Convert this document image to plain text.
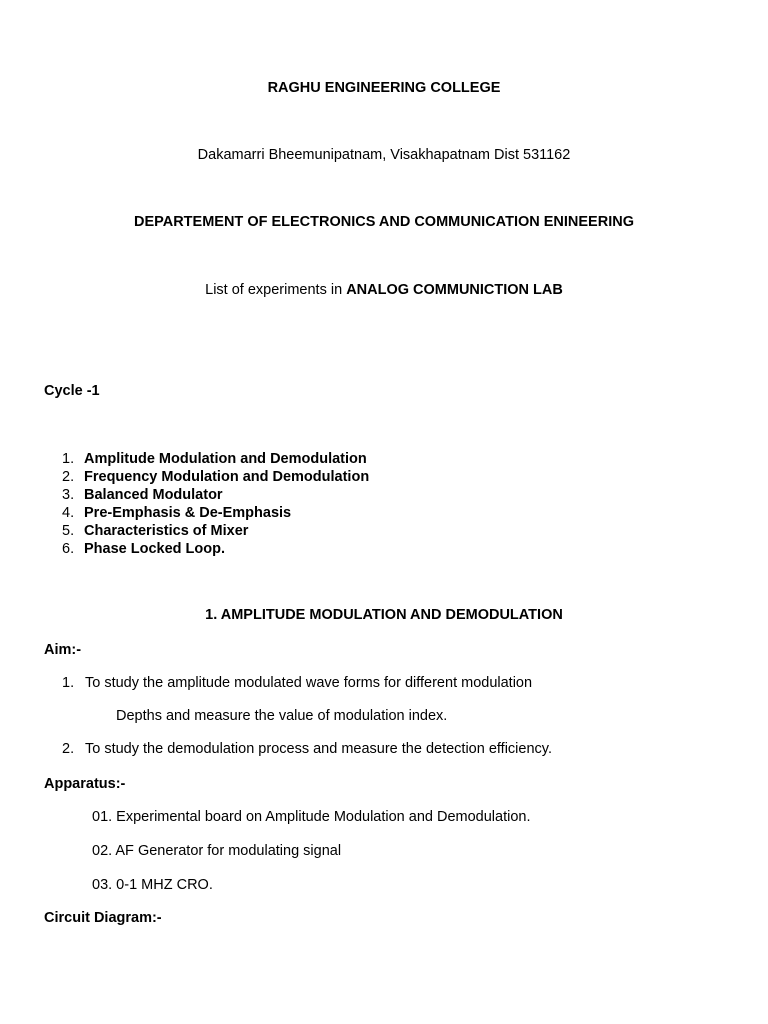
RAGHU ENGINEERING COLLEGE
Dakamarri Bheemunipatnam, Visakhapatnam Dist 531162
DEPARTEMENT OF ELECTRONICS AND COMMUNICATION ENINEERING
List of experiments in ANALOG COMMUNICTION LAB
Cycle -1
1. Amplitude Modulation and Demodulation
2. Frequency Modulation and Demodulation
3. Balanced Modulator
4. Pre-Emphasis & De-Emphasis
5. Characteristics of Mixer
6. Phase Locked Loop.
1. AMPLITUDE MODULATION AND DEMODULATION
Aim:-
1. To study the amplitude modulated wave forms for different modulation
Depths and measure the value of modulation index.
2. To study the demodulation process and measure the detection efficiency.
Apparatus:-
01. Experimental board on Amplitude Modulation and Demodulation.
02. AF Generator for modulating signal
03. 0-1 MHZ CRO.
Circuit Diagram:-
